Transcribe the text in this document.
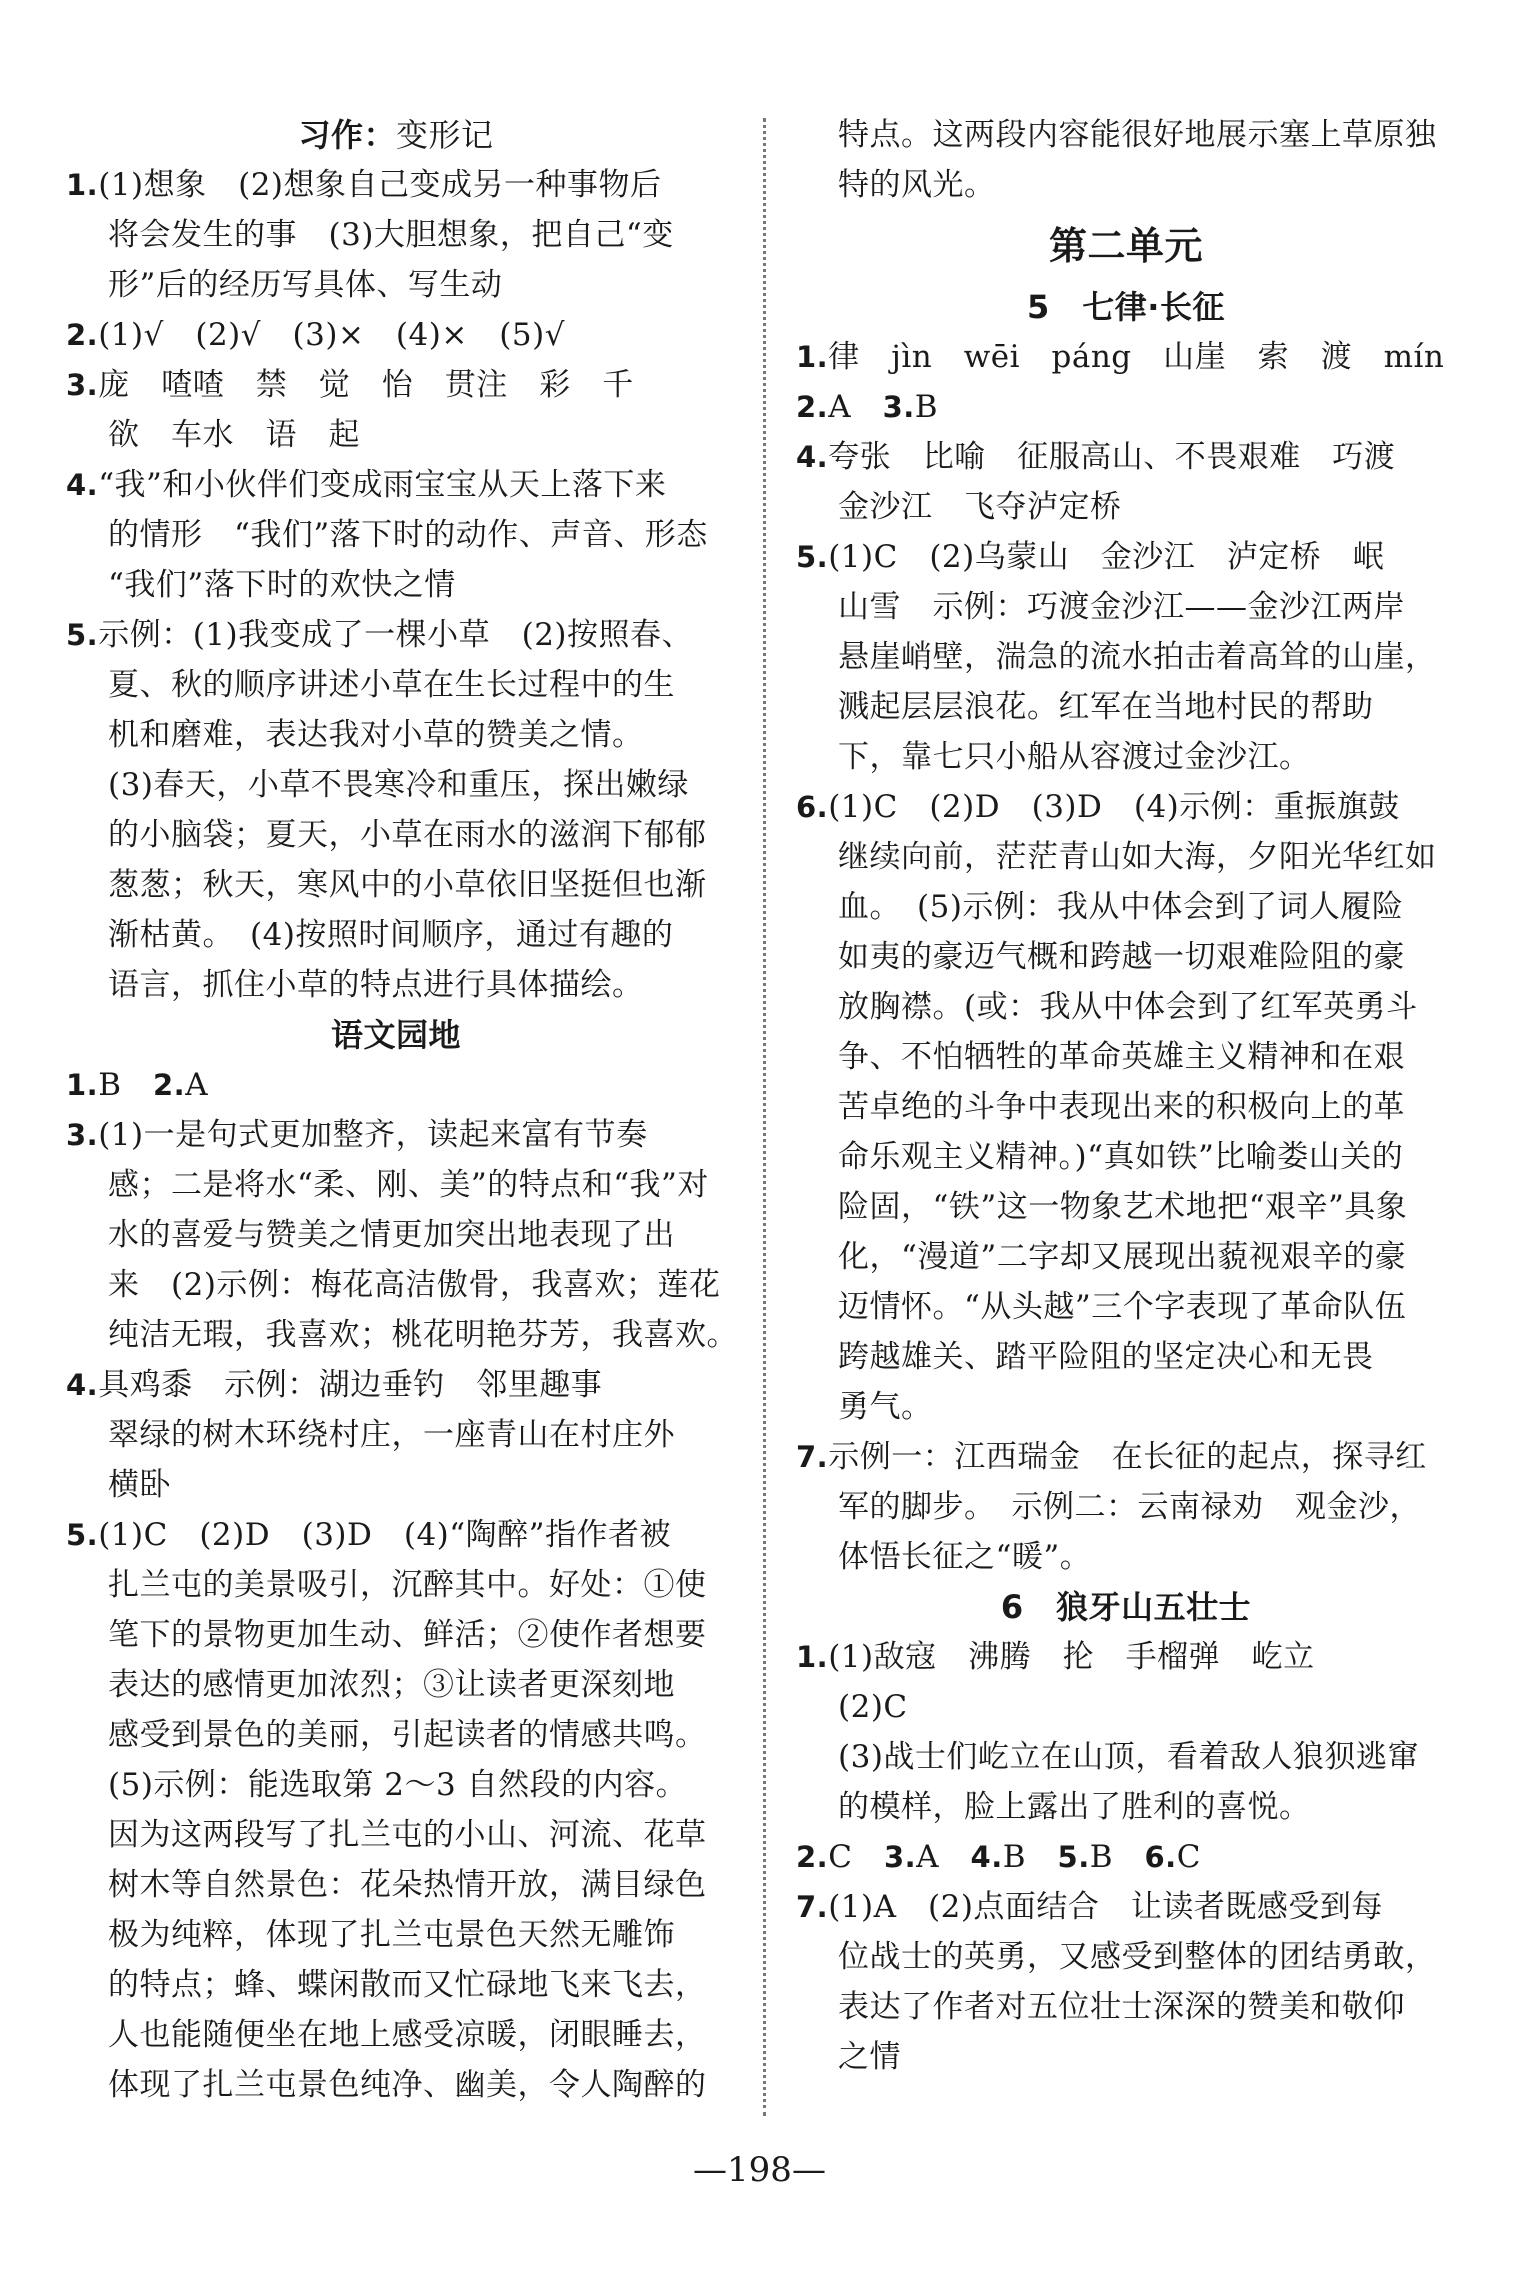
习作：变形记
1.(1)想象　(2)想象自己变成另一种事物后
将会发生的事　(3)大胆想象，把自己“变
形”后的经历写具体、写生动
2.(1)√　(2)√　(3)×　(4)×　(5)√
3.庞　喳喳　禁　觉　怡　贯注　彩　千
欲　车水　语　起
4.“我”和小伙伴们变成雨宝宝从天上落下来
的情形　“我们”落下时的动作、声音、形态
“我们”落下时的欢快之情
5.示例：(1)我变成了一棵小草　(2)按照春、
夏、秋的顺序讲述小草在生长过程中的生
机和磨难，表达我对小草的赞美之情。
(3)春天，小草不畏寒冷和重压，探出嫩绿
的小脑袋；夏天，小草在雨水的滋润下郁郁
葱葱；秋天，寒风中的小草依旧坚挺但也渐
渐枯黄。　(4)按照时间顺序，通过有趣的
语言，抓住小草的特点进行具体描绘。
语文园地
1.B　 2.A
3.(1)一是句式更加整齐，读起来富有节奏
感；二是将水“柔、刚、美”的特点和“我”对
水的喜爱与赞美之情更加突出地表现了出
来　(2)示例：梅花高洁傲骨，我喜欢；莲花
纯洁无瑕，我喜欢；桃花明艳芬芳，我喜欢。
4.具鸡黍　示例：湖边垂钓　邻里趣事
翠绿的树木环绕村庄，一座青山在村庄外
横卧
5.(1)C　(2)D　(3)D　(4)“陶醉”指作者被
扎兰屯的美景吸引，沉醉其中。好处：①使
笔下的景物更加生动、鲜活；②使作者想要
表达的感情更加浓烈；③让读者更深刻地
感受到景色的美丽，引起读者的情感共鸣。
(5)示例：能选取第 2～3 自然段的内容。
因为这两段写了扎兰屯的小山、河流、花草
树木等自然景色：花朵热情开放，满目绿色
极为纯粹，体现了扎兰屯景色天然无雕饰
的特点；蜂、蝶闲散而又忙碌地飞来飞去，
人也能随便坐在地上感受凉暖，闭眼睡去，
体现了扎兰屯景色纯净、幽美，令人陶醉的
特点。这两段内容能很好地展示塞上草原独
特的风光。
第二单元
5　七律·长征
1.律　jìn　wēi　páng　山崖　索　渡　mín
2.A　 3.B
4.夸张　比喻　征服高山、不畏艰难　巧渡
金沙江　飞夺泸定桥
5.(1)C　(2)乌蒙山　金沙江　泸定桥　岷
山雪　示例：巧渡金沙江——金沙江两岸
悬崖峭壁，湍急的流水拍击着高耸的山崖，
溅起层层浪花。红军在当地村民的帮助
下，靠七只小船从容渡过金沙江。
6.(1)C　(2)D　(3)D　(4)示例：重振旗鼓
继续向前，茫茫青山如大海，夕阳光华红如
血。　(5)示例：我从中体会到了词人履险
如夷的豪迈气概和跨越一切艰难险阻的豪
放胸襟。(或：我从中体会到了红军英勇斗
争、不怕牺牲的革命英雄主义精神和在艰
苦卓绝的斗争中表现出来的积极向上的革
命乐观主义精神。)“真如铁”比喻娄山关的
险固，“铁”这一物象艺术地把“艰辛”具象
化，“漫道”二字却又展现出藐视艰辛的豪
迈情怀。“从头越”三个字表现了革命队伍
跨越雄关、踏平险阻的坚定决心和无畏
勇气。
7.示例一：江西瑞金　在长征的起点，探寻红
军的脚步。　示例二：云南禄劝　观金沙，
体悟长征之“暖”。
6　狼牙山五壮士
1.(1)敌寇　沸腾　抡　手榴弹　屹立
(2)C
(3)战士们屹立在山顶，看着敌人狼狈逃窜
的模样，脸上露出了胜利的喜悦。
2.C　 3.A　 4.B　 5.B　 6.C
7.(1)A　(2)点面结合　让读者既感受到每
位战士的英勇，又感受到整体的团结勇敢，
表达了作者对五位壮士深深的赞美和敬仰
之情
—198—
